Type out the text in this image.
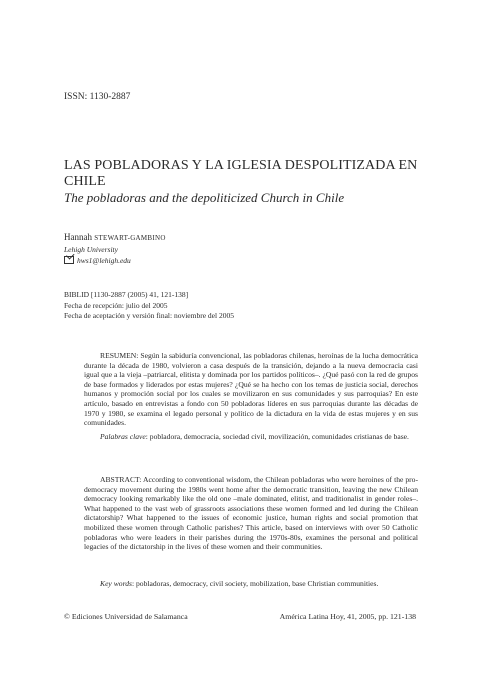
ISSN: 1130-2887
LAS POBLADORAS Y LA IGLESIA DESPOLITIZADA EN CHILE
The pobladoras and the depoliticized Church in Chile
Hannah STEWART-GAMBINO
Lehigh University
hws1@lehigh.edu
BIBLID [1130-2887 (2005) 41, 121-138]
Fecha de recepción: julio del 2005
Fecha de aceptación y versión final: noviembre del 2005

RESUMEN: Según la sabiduría convencional, las pobladoras chilenas, heroínas de la lucha democrática durante la década de 1980, volvieron a casa después de la transición, dejando a la nueva democracia casi igual que a la vieja –patriarcal, elitista y dominada por los partidos políticos–. ¿Qué pasó con la red de grupos de base formados y liderados por estas mujeres? ¿Qué se ha hecho con los temas de justicia social, derechos humanos y promoción social por los cuales se movilizaron en sus comunidades y sus parroquias? En este artículo, basado en entrevistas a fondo con 50 pobladoras líderes en sus parroquias durante las décadas de 1970 y 1980, se examina el legado personal y político de la dictadura en la vida de estas mujeres y en sus comunidades.

Palabras clave: pobladora, democracia, sociedad civil, movilización, comunidades cristianas de base.

ABSTRACT: According to conventional wisdom, the Chilean pobladoras who were heroines of the pro-democracy movement during the 1980s went home after the democratic transition, leaving the new Chilean democracy looking remarkably like the old one –male dominated, elitist, and traditionalist in gender roles–. What happened to the vast web of grassroots associations these women formed and led during the Chilean dictatorship? What happened to the issues of economic justice, human rights and social promotion that mobilized these women through Catholic parishes? This article, based on interviews with over 50 Catholic pobladoras who were leaders in their parishes during the 1970s-80s, examines the personal and political legacies of the dictatorship in the lives of these women and their communities.

Key words: pobladoras, democracy, civil society, mobilization, base Christian communities.

© Ediciones Universidad de Salamanca	América Latina Hoy, 41, 2005, pp. 121-138
